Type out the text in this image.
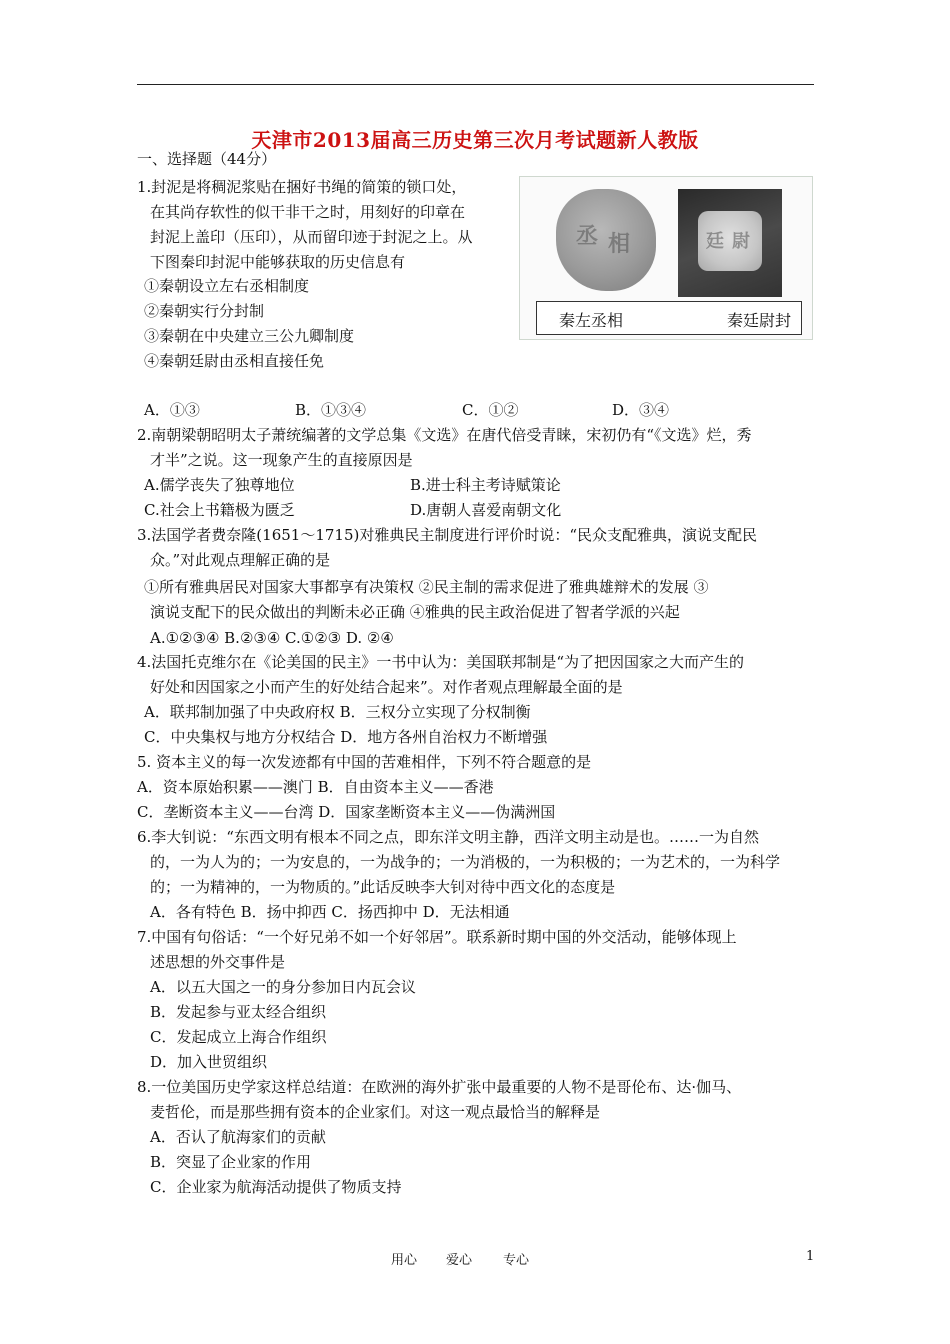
天津市2013届高三历史第三次月考试题新人教版
一、选择题（44分）
1.封泥是将稠泥浆贴在捆好书绳的简策的锁口处，
在其尚存软性的似干非干之时，用刻好的印章在
封泥上盖印（压印），从而留印迹于封泥之上。从
下图秦印封泥中能够获取的历史信息有
①秦朝设立左右丞相制度
②秦朝实行分封制
③秦朝在中央建立三公九卿制度
④秦朝廷尉由丞相直接任免
丞 相	廷 尉
秦左丞相	秦廷尉封
A．①③	B．①③④	C．①②	D．③④
2.南朝梁朝昭明太子萧统编著的文学总集《文选》在唐代倍受青睐，宋初仍有“《文选》烂，秀
才半”之说。这一现象产生的直接原因是
A.儒学丧失了独尊地位	B.进士科主考诗赋策论
C.社会上书籍极为匮乏	D.唐朝人喜爱南朝文化
3.法国学者费奈隆(1651～1715)对雅典民主制度进行评价时说：“民众支配雅典，演说支配民
众。”对此观点理解正确的是
①所有雅典居民对国家大事都享有决策权 ②民主制的需求促进了雅典雄辩术的发展 ③
演说支配下的民众做出的判断未必正确 ④雅典的民主政治促进了智者学派的兴起
A.①②③④ B.②③④ C.①②③ D. ②④
4.法国托克维尔在《论美国的民主》一书中认为：美国联邦制是“为了把因国家之大而产生的
好处和因国家之小而产生的好处结合起来”。对作者观点理解最全面的是
A．联邦制加强了中央政府权 B．三权分立实现了分权制衡
C．中央集权与地方分权结合 D．地方各州自治权力不断增强
5. 资本主义的每一次发迹都有中国的苦难相伴，下列不符合题意的是
A．资本原始积累——澳门 B．自由资本主义——香港
C．垄断资本主义——台湾 D．国家垄断资本主义——伪满洲国
6.李大钊说：“东西文明有根本不同之点，即东洋文明主静，西洋文明主动是也。……一为自然
的，一为人为的；一为安息的，一为战争的；一为消极的，一为积极的；一为艺术的，一为科学
的；一为精神的，一为物质的。”此话反映李大钊对待中西文化的态度是
A．各有特色 B．扬中抑西 C．扬西抑中 D．无法相通
7.中国有句俗话：“一个好兄弟不如一个好邻居”。联系新时期中国的外交活动，能够体现上
述思想的外交事件是
A．以五大国之一的身分参加日内瓦会议
B．发起参与亚太经合组织
C．发起成立上海合作组织
D．加入世贸组织
8.一位美国历史学家这样总结道：在欧洲的海外扩张中最重要的人物不是哥伦布、达·伽马、
麦哲伦，而是那些拥有资本的企业家们。对这一观点最恰当的解释是
A．否认了航海家们的贡献
B．突显了企业家的作用
C．企业家为航海活动提供了物质支持
用心 爱心 专心	1
